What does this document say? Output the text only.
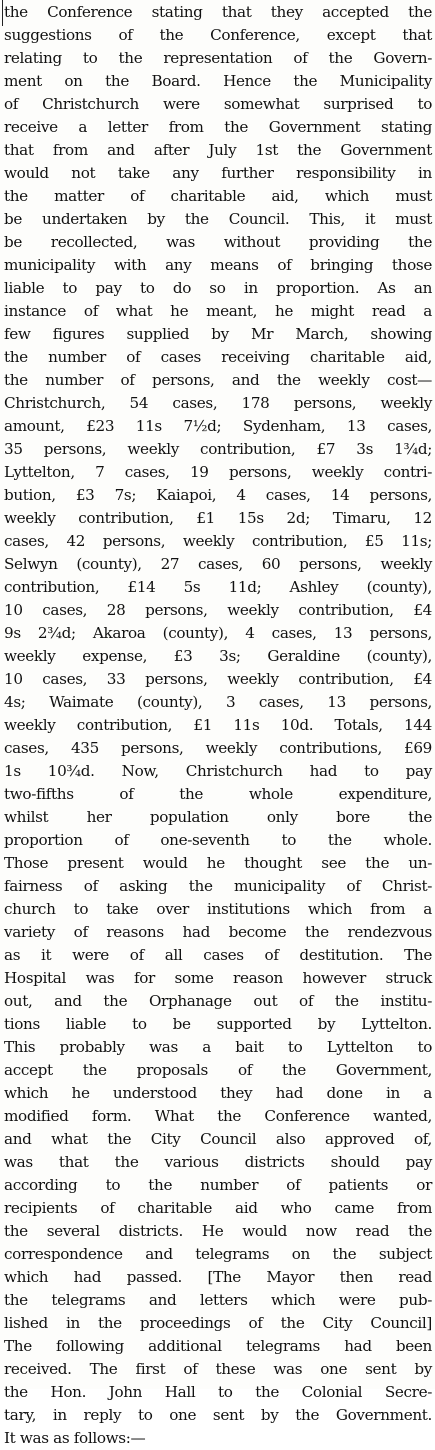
the Conference stating that they accepted the
suggestions of the Conference, except that
relating to the representation of the Govern-
ment on the Board. Hence the Municipality
of Christchurch were somewhat surprised to
receive a letter from the Government stating
that from and after July 1st the Government
would not take any further responsibility in
the matter of charitable aid, which must
be undertaken by the Council. This, it must
be recollected, was without providing the
municipality with any means of bringing those
liable to pay to do so in proportion. As an
instance of what he meant, he might read a
few figures supplied by Mr March, showing
the number of cases receiving charitable aid,
the number of persons, and the weekly cost—
Christchurch, 54 cases, 178 persons, weekly
amount, £23 11s 7½d; Sydenham, 13 cases,
35 persons, weekly contribution, £7 3s 1¾d;
Lyttelton, 7 cases, 19 persons, weekly contri-
bution, £3 7s; Kaiapoi, 4 cases, 14 persons,
weekly contribution, £1 15s 2d; Timaru, 12
cases, 42 persons, weekly contribution, £5 11s;
Selwyn (county), 27 cases, 60 persons, weekly
contribution, £14 5s 11d; Ashley (county),
10 cases, 28 persons, weekly contribution, £4
9s 2¾d; Akaroa (county), 4 cases, 13 persons,
weekly expense, £3 3s; Geraldine (county),
10 cases, 33 persons, weekly contribution, £4
4s; Waimate (county), 3 cases, 13 persons,
weekly contribution, £1 11s 10d. Totals, 144
cases, 435 persons, weekly contributions, £69
1s 10¾d. Now, Christchurch had to pay
two-fifths of the whole expenditure,
whilst her population only bore the
proportion of one-seventh to the whole.
Those present would he thought see the un-
fairness of asking the municipality of Christ-
church to take over institutions which from a
variety of reasons had become the rendezvous
as it were of all cases of destitution. The
Hospital was for some reason however struck
out, and the Orphanage out of the institu-
tions liable to be supported by Lyttelton.
This probably was a bait to Lyttelton to
accept the proposals of the Government,
which he understood they had done in a
modified form. What the Conference wanted,
and what the City Council also approved of,
was that the various districts should pay
according to the number of patients or
recipients of charitable aid who came from
the several districts. He would now read the
correspondence and telegrams on the subject
which had passed. [The Mayor then read
the telegrams and letters which were pub-
lished in the proceedings of the City Council]
The following additional telegrams had been
received. The first of these was one sent by
the Hon. John Hall to the Colonial Secre-
tary, in reply to one sent by the Government.
It was as follows:—
